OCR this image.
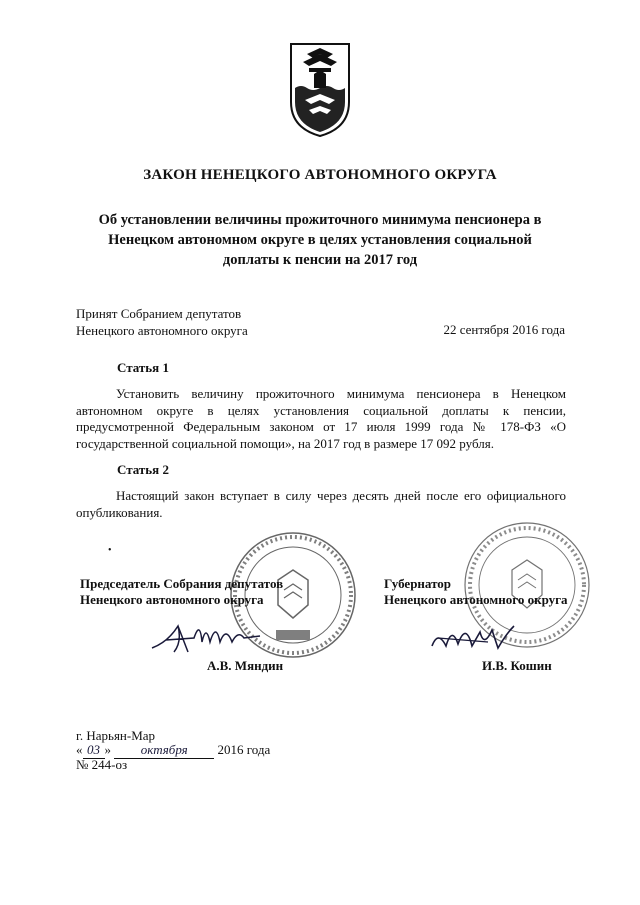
ЗАКОН НЕНЕЦКОГО АВТОНОМНОГО ОКРУГА
Об установлении величины прожиточного минимума пенсионера в
Ненецком автономном округе в целях установления социальной
доплаты к пенсии на 2017 год
Принят Собранием депутатов
Ненецкого автономного округа	22 сентября 2016 года
Статья 1
Установить величину прожиточного минимума пенсионера в Ненецком автономном округе в целях установления социальной доплаты к пенсии, предусмотренной Федеральным законом от 17 июля 1999 года № 178-ФЗ «О государственной социальной помощи», на 2017 год в размере 17 092 рубля.
Статья 2
Настоящий закон вступает в силу через десять дней после его официального опубликования.
•
Председатель Собрания депутатов
Ненецкого автономного округа
А.В. Мяндин
Губернатор
Ненецкого автономного округа
И.В. Кошин
г. Нарьян-Мар
« 03 » октября 2016 года
№ 244-оз
